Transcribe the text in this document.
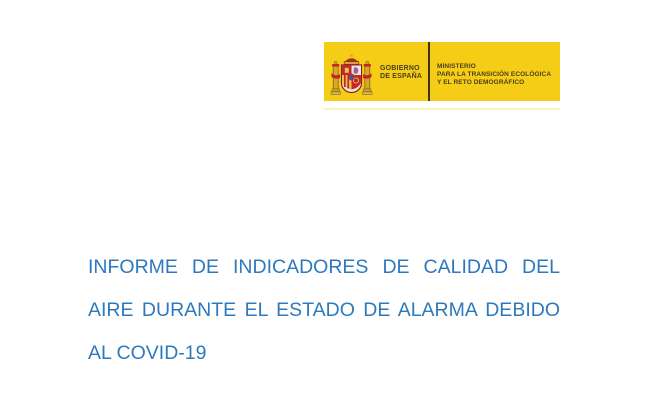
GOBIERNO
DE ESPAÑA
MINISTERIO
PARA LA TRANSICIÓN ECOLÓGICA
Y EL RETO DEMOGRÁFICO
INFORME DE INDICADORES DE CALIDAD DEL
AIRE DURANTE EL ESTADO DE ALARMA DEBIDO
AL COVID-19
